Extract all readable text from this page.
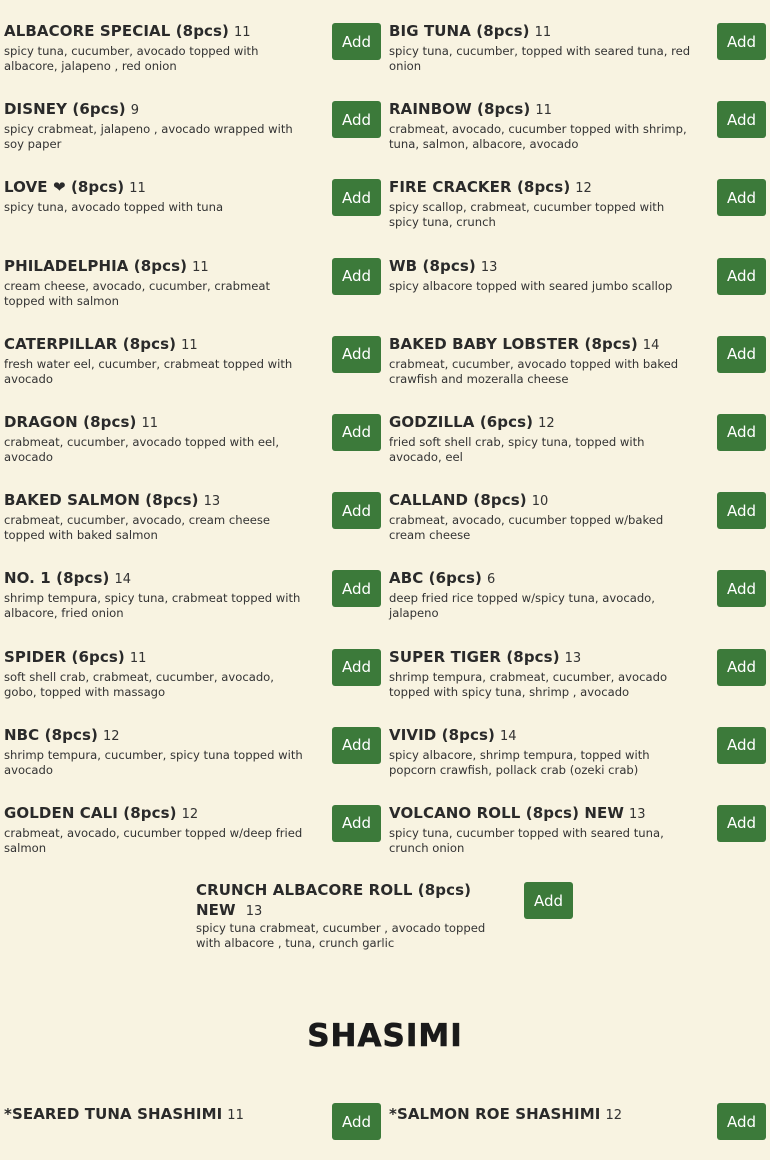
ALBACORE SPECIAL (8pcs) 11
spicy tuna, cucumber, avocado topped with albacore, jalapeno , red onion
Add
BIG TUNA (8pcs) 11
spicy tuna, cucumber, topped with seared tuna, red onion
Add
DISNEY (6pcs) 9
spicy crabmeat, jalapeno , avocado wrapped with soy paper
Add
RAINBOW (8pcs) 11
crabmeat, avocado, cucumber topped with shrimp, tuna, salmon, albacore, avocado
Add
LOVE ❤ (8pcs) 11
spicy tuna, avocado topped with tuna
Add
FIRE CRACKER (8pcs) 12
spicy scallop, crabmeat, cucumber topped with spicy tuna, crunch
Add
PHILADELPHIA (8pcs) 11
cream cheese, avocado, cucumber, crabmeat topped with salmon
Add
WB (8pcs) 13
spicy albacore topped with seared jumbo scallop
Add
CATERPILLAR (8pcs) 11
fresh water eel, cucumber, crabmeat topped with avocado
Add
BAKED BABY LOBSTER (8pcs) 14
crabmeat, cucumber, avocado topped with baked crawfish and mozeralla cheese
Add
DRAGON (8pcs) 11
crabmeat, cucumber, avocado topped with eel, avocado
Add
GODZILLA (6pcs) 12
fried soft shell crab, spicy tuna, topped with avocado, eel
Add
BAKED SALMON (8pcs) 13
crabmeat, cucumber, avocado, cream cheese topped with baked salmon
Add
CALLAND (8pcs) 10
crabmeat, avocado, cucumber topped w/baked cream cheese
Add
NO. 1 (8pcs) 14
shrimp tempura, spicy tuna, crabmeat topped with albacore, fried onion
Add
ABC (6pcs) 6
deep fried rice topped w/spicy tuna, avocado, jalapeno
Add
SPIDER (6pcs) 11
soft shell crab, crabmeat, cucumber, avocado, gobo, topped with massago
Add
SUPER TIGER (8pcs) 13
shrimp tempura, crabmeat, cucumber, avocado topped with spicy tuna, shrimp , avocado
Add
NBC (8pcs) 12
shrimp tempura, cucumber, spicy tuna topped with avocado
Add
VIVID (8pcs) 14
spicy albacore, shrimp tempura, topped with popcorn crawfish, pollack crab (ozeki crab)
Add
GOLDEN CALI (8pcs) 12
crabmeat, avocado, cucumber topped w/deep fried salmon
Add
VOLCANO ROLL (8pcs) NEW 13
spicy tuna, cucumber topped with seared tuna, crunch onion
Add
CRUNCH ALBACORE ROLL (8pcs) NEW 13
spicy tuna crabmeat, cucumber , avocado topped with albacore , tuna, crunch garlic
Add
SHASIMI
*SEARED TUNA SHASHIMI 11	Add	*SALMON ROE SHASHIMI 12	Add
